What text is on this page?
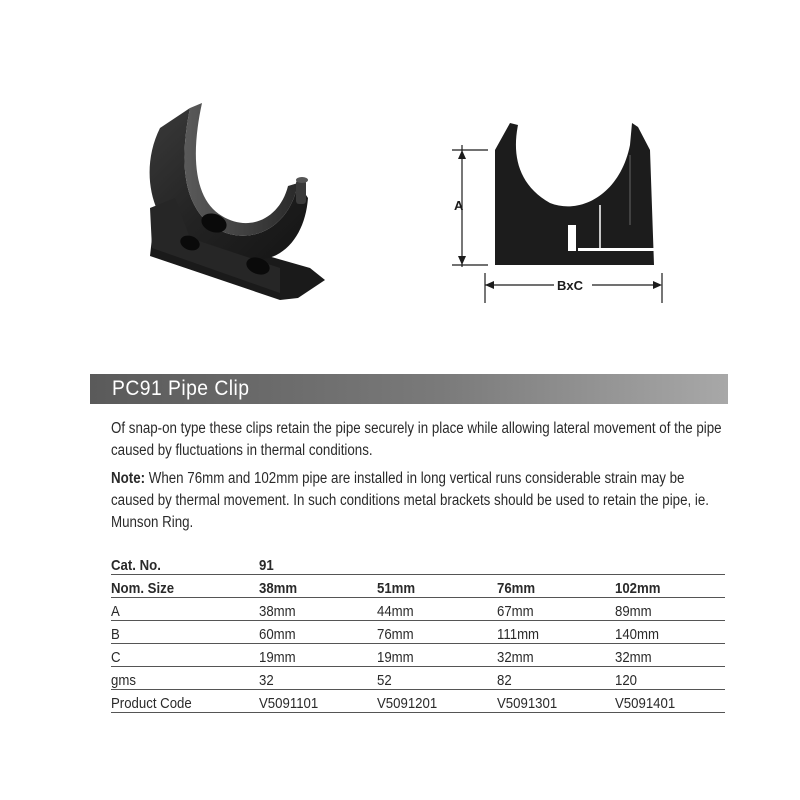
A
BxC
PC91 Pipe Clip

Of snap-on type these clips retain the pipe securely in place while allowing lateral movement of the pipe caused by fluctuations in thermal conditions.

Note: When 76mm and 102mm pipe are installed in long vertical runs considerable strain may be caused by thermal movement. In such conditions metal brackets should be used to retain the pipe, ie. Munson Ring.

Cat. No.	91			
Nom. Size	38mm	51mm	76mm	102mm
A	38mm	44mm	67mm	89mm
B	60mm	76mm	111mm	140mm
C	19mm	19mm	32mm	32mm
gms	32	52	82	120
Product Code	V5091101	V5091201	V5091301	V5091401
